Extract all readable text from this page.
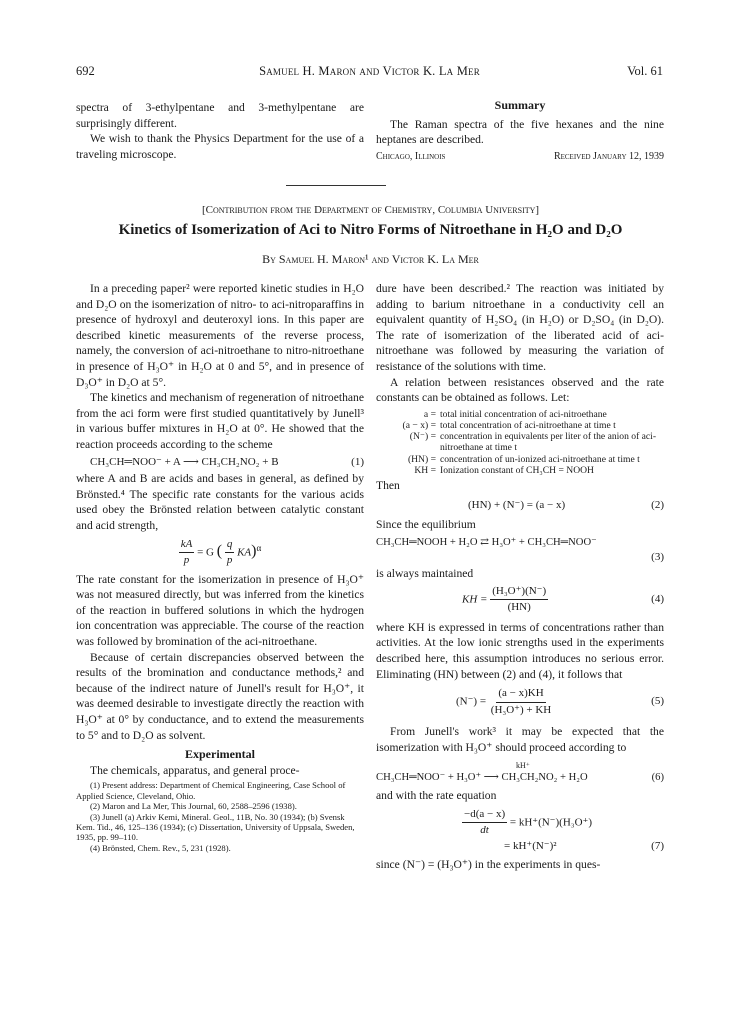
692	Samuel H. Maron and Victor K. La Mer	Vol. 61

spectra of 3-ethylpentane and 3-methylpentane are surprisingly different.

We wish to thank the Physics Department for the use of a traveling microscope.

Summary

The Raman spectra of the five hexanes and the nine heptanes are described.

Chicago, Illinois	Received January 12, 1939
[Contribution from the Department of Chemistry, Columbia University]
Kinetics of Isomerization of Aci to Nitro Forms of Nitroethane in H₂O and D₂O
By Samuel H. Maron¹ and Victor K. La Mer

In a preceding paper² were reported kinetic studies in H₂O and D₂O on the isomerization of nitro- to aci-nitroparaffins in presence of hydroxyl and deuteroxyl ions. In this paper are described kinetic measurements of the reverse process, namely, the conversion of aci-nitroethane to nitro-nitroethane in presence of H₃O⁺ in H₂O at 0 and 5°, and in presence of D₃O⁺ in D₂O at 5°.

The kinetics and mechanism of regeneration of nitroethane from the aci form were first studied quantitatively by Junell³ in various buffer mixtures in H₂O at 0°. He showed that the reaction proceeds according to the scheme

CH₃CH═NOO⁻ + A ⟶ CH₃CH₂NO₂ + B	(1)

where A and B are acids and bases in general, as defined by Brönsted.⁴ The specific rate constants for the various acids used obey the Brönsted relation between catalytic constant and acid strength,

$\frac{kA}{p} = G$ ( $\frac{q}{p} KA)^\alpha$

The rate constant for the isomerization in presence of H₃O⁺ was not measured directly, but was inferred from the kinetics of the reaction in buffered solutions in which the hydrogen ion concentration was appreciable. The course of the reaction was followed by bromination of the aci-nitroethane.

Because of certain discrepancies observed between the results of the bromination and conductance methods,² and because of the indirect nature of Junell's result for H₃O⁺, it was deemed desirable to investigate directly the reaction with H₃O⁺ at 0° by conductance, and to extend the measurements to 5° and to D₂O as solvent.

Experimental

The chemicals, apparatus, and general proce-

(1) Present address: Department of Chemical Engineering, Case School of Applied Science, Cleveland, Ohio.

(2) Maron and La Mer, This Journal, 60, 2588–2596 (1938).

(3) Junell (a) Arkiv Kemi, Mineral. Geol., 11B, No. 30 (1934); (b) Svensk Kem. Tid., 46, 125–136 (1934); (c) Dissertation, University of Uppsala, Sweden, 1935, pp. 99–110.

(4) Brönsted, Chem. Rev., 5, 231 (1928).

dure have been described.² The reaction was initiated by adding to barium nitroethane in a conductivity cell an equivalent quantity of H₂SO₄ (in H₂O) or D₂SO₄ (in D₂O). The rate of isomerization of the liberated acid of aci-nitroethane was followed by measuring the variation of resistance of the solutions with time.

A relation between resistances observed and the rate constants can be obtained as follows. Let:

a = total initial concentration of aci-nitroethane
(a − x) = total concentration of aci-nitroethane at time t
(N⁻) = concentration in equivalents per liter of the anion of aci-nitroethane at time t
(HN) = concentration of un-ionized aci-nitroethane at time t
KH = Ionization constant of CH₃CH = NOOH

Then

(HN) + (N⁻) = (a − x)	(2)

Since the equilibrium

CH₃CH═NOOH + H₂O ⇄ H₃O⁺ + CH₃CH═NOO⁻
(3)

is always maintained

KH = $\frac{\text{(H₃O⁺)(N⁻)}}{(HN)}$	(4)

where KH is expressed in terms of concentrations rather than activities. At the low ionic strengths used in the experiments described here, this assumption introduces no serious error. Eliminating (HN) between (2) and (4), it follows that

$(N^-) = \frac{(a - x)KH}{\text{(H₃O⁺) + KH}}$	(5)

From Junell's work³ it may be expected that the isomerization with H₃O⁺ should proceed according to

kH⁺
CH₃CH═NOO⁻ + H₃O⁺ ⟶ CH₃CH₂NO₂ + H₂O	(6)

and with the rate equation

$\frac{-d(a - x)}{dt} = kH^+(N^-)(H_3O^+)$
= kH⁺(N⁻)²	(7)

since (N⁻) = (H₃O⁺) in the experiments in ques-
